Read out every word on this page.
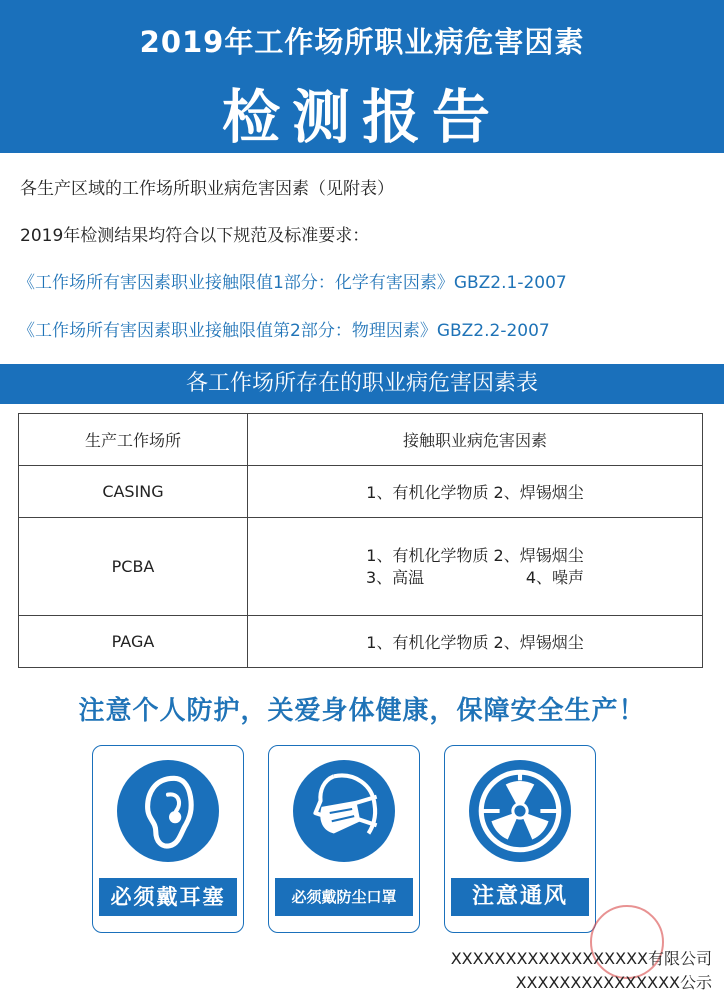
2019年工作场所职业病危害因素
检测报告
各生产区域的工作场所职业病危害因素（见附表）
2019年检测结果均符合以下规范及标准要求：
《工作场所有害因素职业接触限值1部分：化学有害因素》GBZ2.1-2007
《工作场所有害因素职业接触限值第2部分：物理因素》GBZ2.2-2007
各工作场所存在的职业病危害因素表
生产工作场所	接触职业病危害因素
CASING	1、有机化学物质 2、焊锡烟尘
PCBA	1、有机化学物质 2、焊锡烟尘
3、高温                    4、噪声

PAGA	1、有机化学物质 2、焊锡烟尘
注意个人防护，关爱身体健康，保障安全生产！
必须戴耳塞	必须戴防尘口罩	注意通风
XXXXXXXXXXXXXXXXXX有限公司
XXXXXXXXXXXXXXX公示
